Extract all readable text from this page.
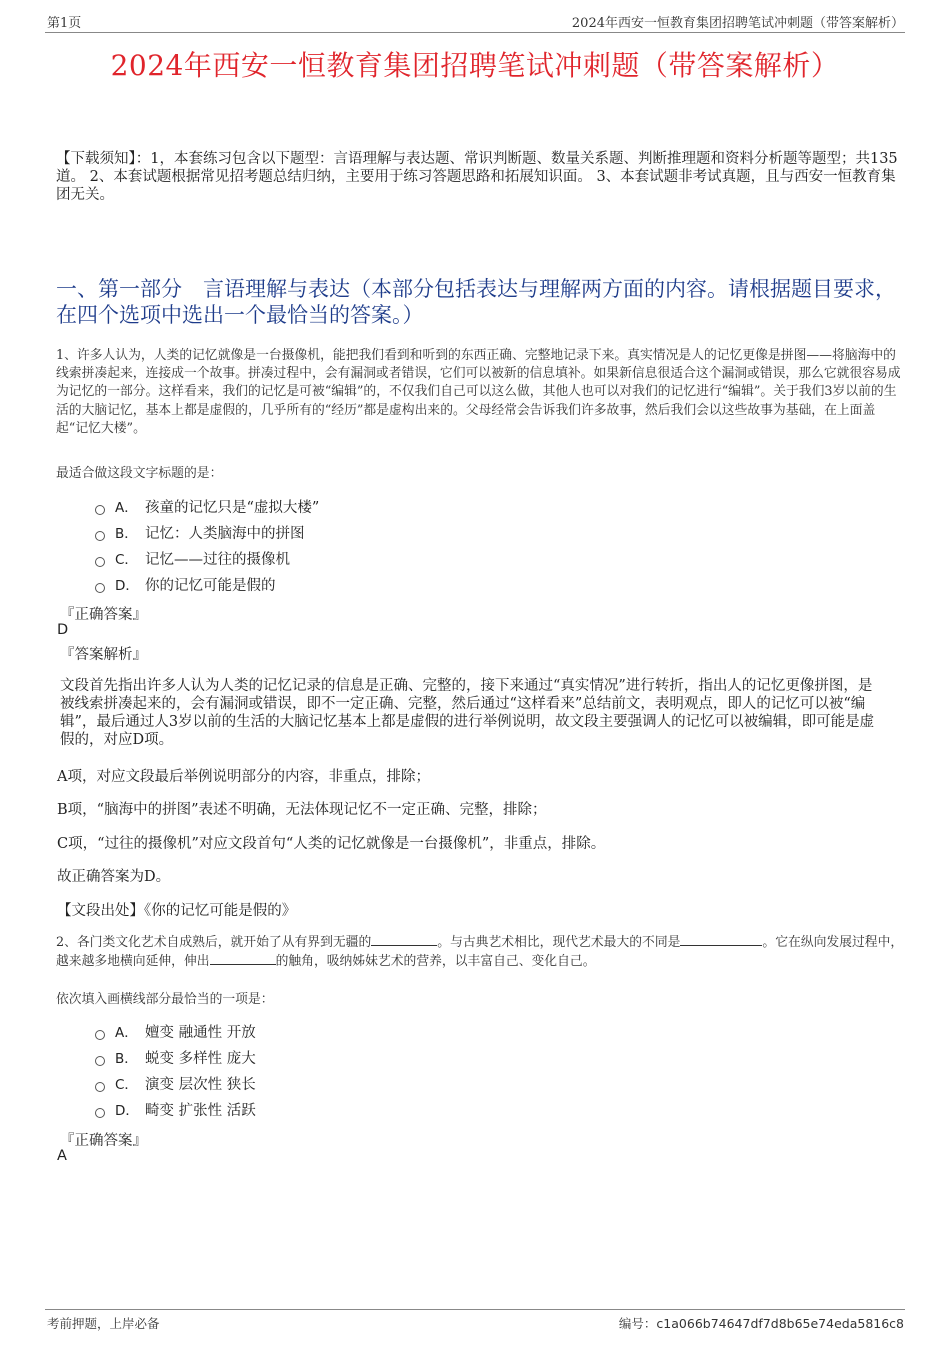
第1页	2024年西安一恒教育集团招聘笔试冲刺题（带答案解析）
2024年西安一恒教育集团招聘笔试冲刺题（带答案解析）
【下载须知】：1，本套练习包含以下题型：言语理解与表达题、常识判断题、数量关系题、判断推理题和资料分析题等题型；共135道。 2、本套试题根据常见招考题总结归纳，主要用于练习答题思路和拓展知识面。 3、本套试题非考试真题，且与西安一恒教育集团无关。
一、第一部分　言语理解与表达（本部分包括表达与理解两方面的内容。请根据题目要求，在四个选项中选出一个最恰当的答案。）
1、许多人认为，人类的记忆就像是一台摄像机，能把我们看到和听到的东西正确、完整地记录下来。真实情况是人的记忆更像是拼图——将脑海中的线索拼凑起来，连接成一个故事。拼凑过程中，会有漏洞或者错误，它们可以被新的信息填补。如果新信息很适合这个漏洞或错误，那么它就很容易成为记忆的一部分。这样看来，我们的记忆是可被“编辑”的，不仅我们自己可以这么做，其他人也可以对我们的记忆进行“编辑”。关于我们3岁以前的生活的大脑记忆，基本上都是虚假的，几乎所有的“经历”都是虚构出来的。父母经常会告诉我们许多故事，然后我们会以这些故事为基础，在上面盖起“记忆大楼”。
最适合做这段文字标题的是：
A． 孩童的记忆只是“虚拟大楼”
B． 记忆：人类脑海中的拼图
C． 记忆——过往的摄像机
D． 你的记忆可能是假的
『正确答案』
D
『答案解析』
文段首先指出许多人认为人类的记忆记录的信息是正确、完整的，接下来通过“真实情况”进行转折，指出人的记忆更像拼图，是被线索拼凑起来的，会有漏洞或错误，即不一定正确、完整，然后通过“这样看来”总结前文，表明观点，即人的记忆可以被“编辑”，最后通过人3岁以前的生活的大脑记忆基本上都是虚假的进行举例说明，故文段主要强调人的记忆可以被编辑，即可能是虚假的，对应D项。
A项，对应文段最后举例说明部分的内容，非重点，排除；
B项，“脑海中的拼图”表述不明确，无法体现记忆不一定正确、完整，排除；
C项，“过往的摄像机”对应文段首句“人类的记忆就像是一台摄像机”，非重点，排除。
故正确答案为D。
【文段出处】《你的记忆可能是假的》
2、各门类文化艺术自成熟后，就开始了从有界到无疆的	。与古典艺术相比，现代艺术最大的不同是	。它在纵向发展过程中，越来越多地横向延伸，伸出	的触角，吸纳姊妹艺术的营养，以丰富自己、变化自己。
依次填入画横线部分最恰当的一项是：
A． 嬗变 融通性 开放
B． 蜕变 多样性 庞大
C． 演变 层次性 狭长
D． 畸变 扩张性 活跃
『正确答案』
A
考前押题，上岸必备	编号：c1a066b74647df7d8b65e74eda5816c8
